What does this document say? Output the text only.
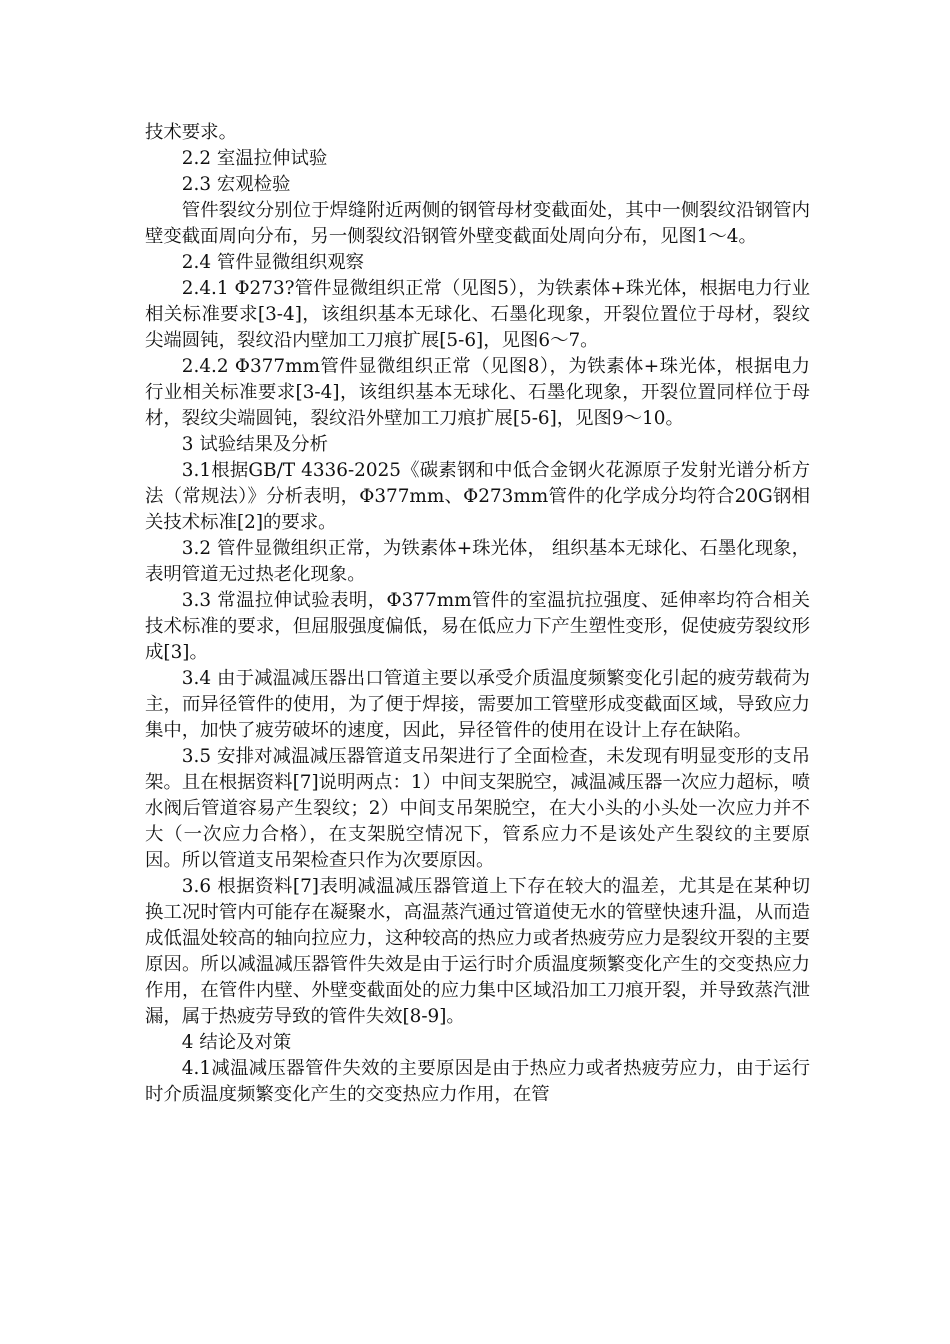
技术要求。

2.2 室温拉伸试验

2.3 宏观检验

管件裂纹分别位于焊缝附近两侧的钢管母材变截面处，其中一侧裂纹沿钢管内壁变截面周向分布，另一侧裂纹沿钢管外壁变截面处周向分布，见图1～4。

2.4 管件显微组织观察

2.4.1 Φ273?管件显微组织正常（见图5），为铁素体+珠光体，根据电力行业相关标准要求[3-4]，该组织基本无球化、石墨化现象，开裂位置位于母材，裂纹尖端圆钝，裂纹沿内壁加工刀痕扩展[5-6]，见图6～7。

2.4.2 Φ377mm管件显微组织正常（见图8），为铁素体+珠光体，根据电力行业相关标准要求[3-4]，该组织基本无球化、石墨化现象，开裂位置同样位于母材，裂纹尖端圆钝，裂纹沿外壁加工刀痕扩展[5-6]，见图9～10。

3 试验结果及分析

3.1根据GB/T 4336-2025《碳素钢和中低合金钢火花源原子发射光谱分析方法（常规法）》分析表明，Φ377mm、Φ273mm管件的化学成分均符合20G钢相关技术标准[2]的要求。

3.2 管件显微组织正常，为铁素体+珠光体， 组织基本无球化、石墨化现象，表明管道无过热老化现象。

3.3 常温拉伸试验表明，Φ377mm管件的室温抗拉强度、延伸率均符合相关技术标准的要求，但屈服强度偏低，易在低应力下产生塑性变形，促使疲劳裂纹形成[3]。

3.4 由于减温减压器出口管道主要以承受介质温度频繁变化引起的疲劳载荷为主，而异径管件的使用，为了便于焊接，需要加工管壁形成变截面区域，导致应力集中，加快了疲劳破坏的速度，因此，异径管件的使用在设计上存在缺陷。

3.5 安排对减温减压器管道支吊架进行了全面检查，未发现有明显变形的支吊架。且在根据资料[7]说明两点：1）中间支架脱空，减温减压器一次应力超标，喷水阀后管道容易产生裂纹；2）中间支吊架脱空，在大小头的小头处一次应力并不大（一次应力合格），在支架脱空情况下，管系应力不是该处产生裂纹的主要原因。所以管道支吊架检查只作为次要原因。

3.6 根据资料[7]表明减温减压器管道上下存在较大的温差，尤其是在某种切换工况时管内可能存在凝聚水，高温蒸汽通过管道使无水的管壁快速升温，从而造成低温处较高的轴向拉应力，这种较高的热应力或者热疲劳应力是裂纹开裂的主要原因。所以减温减压器管件失效是由于运行时介质温度频繁变化产生的交变热应力作用，在管件内壁、外壁变截面处的应力集中区域沿加工刀痕开裂，并导致蒸汽泄漏，属于热疲劳导致的管件失效[8-9]。

4 结论及对策

4.1减温减压器管件失效的主要原因是由于热应力或者热疲劳应力，由于运行时介质温度频繁变化产生的交变热应力作用，在管
